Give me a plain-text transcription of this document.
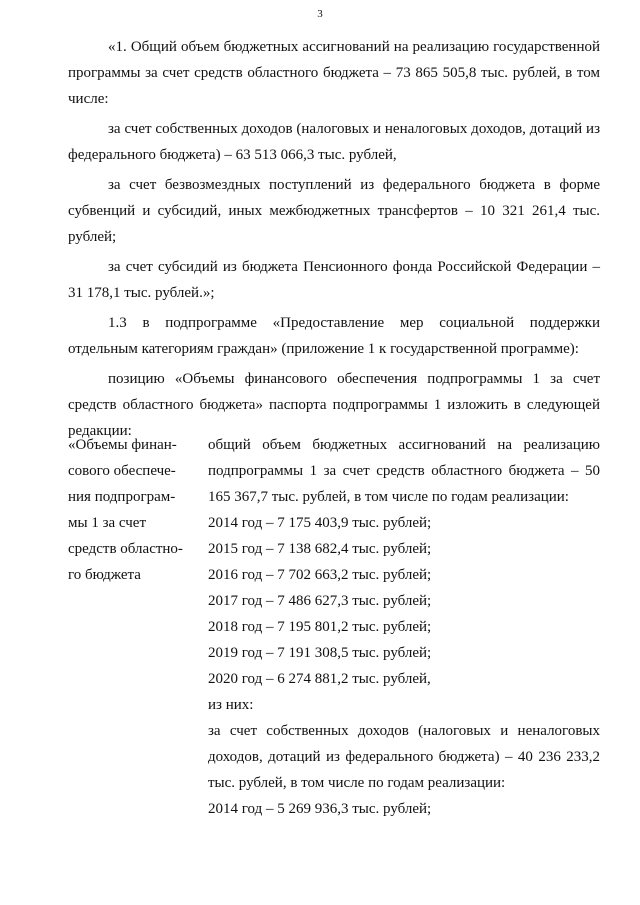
3

«1. Общий объем бюджетных ассигнований на реализацию государственной программы за счет средств областного бюджета – 73 865 505,8 тыс. рублей, в том числе:

за счет собственных доходов (налоговых и неналоговых доходов, дотаций из федерального бюджета) – 63 513 066,3 тыс. рублей,

за счет безвозмездных поступлений из федерального бюджета в форме субвенций и субсидий, иных межбюджетных трансфертов – 10 321 261,4 тыс. рублей;

за счет субсидий из бюджета Пенсионного фонда Российской Федерации – 31 178,1 тыс. рублей.»;

1.3 в подпрограмме «Предоставление мер социальной поддержки отдельным категориям граждан» (приложение 1 к государственной программе):

позицию «Объемы финансового обеспечения подпрограммы 1 за счет средств областного бюджета» паспорта подпрограммы 1 изложить в следующей редакции:

«Объемы финан-
сового обеспече-
ния подпрограм-
мы 1 за счет
средств областно-
го бюджета

общий объем бюджетных ассигнований на реализацию подпрограммы 1 за счет средств областного бюджета – 50 165 367,7 тыс. рублей, в том числе по годам реализации:

2014 год – 7 175 403,9 тыс. рублей;
2015 год – 7 138 682,4 тыс. рублей;
2016 год – 7 702 663,2 тыс. рублей;
2017 год – 7 486 627,3 тыс. рублей;
2018 год – 7 195 801,2 тыс. рублей;
2019 год – 7 191 308,5 тыс. рублей;
2020 год – 6 274 881,2 тыс. рублей,
из них:

за счет собственных доходов (налоговых и неналоговых доходов, дотаций из федерального бюджета) – 40 236 233,2 тыс. рублей, в том числе по годам реализации:

2014 год – 5 269 936,3 тыс. рублей;
